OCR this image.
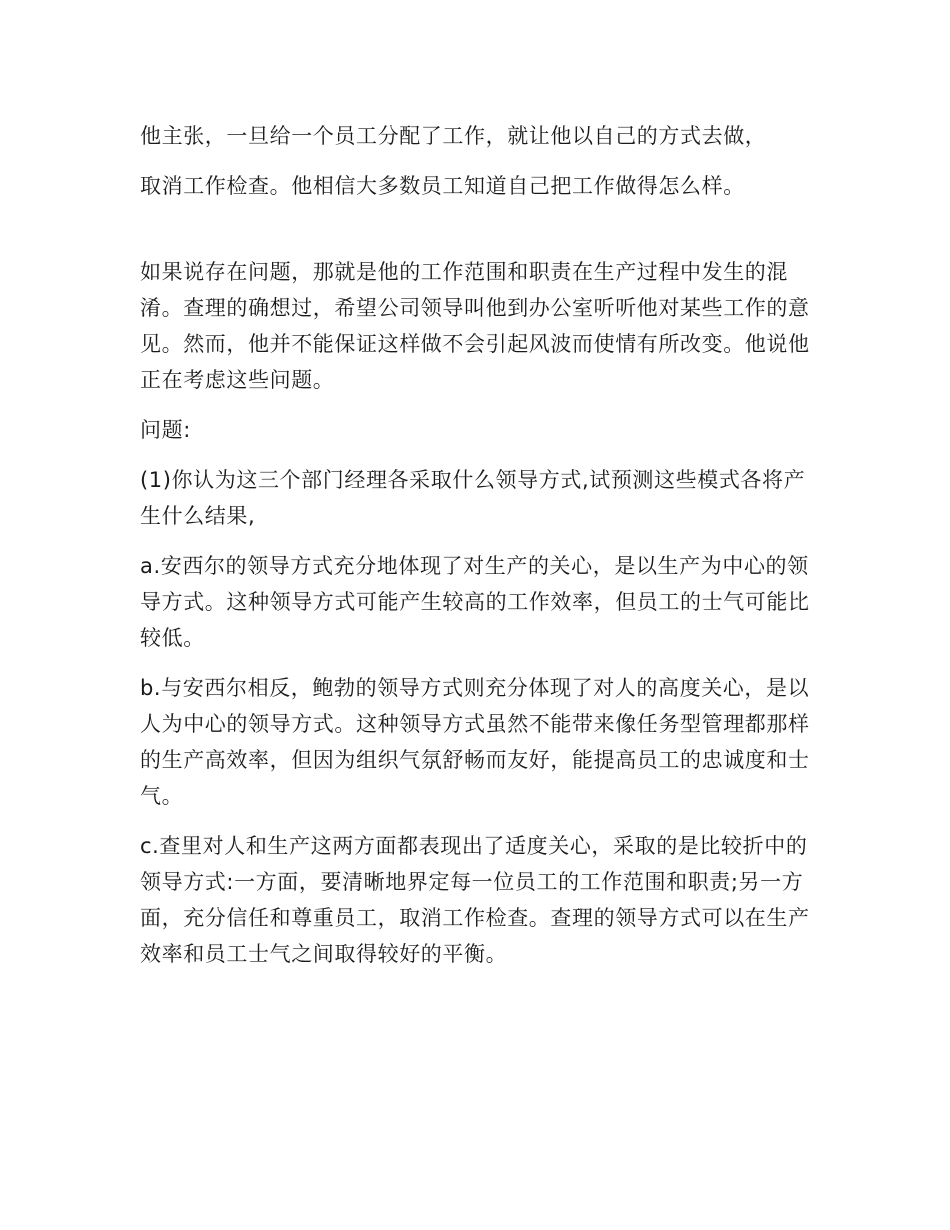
他主张，一旦给一个员工分配了工作，就让他以自己的方式去做，

取消工作检查。他相信大多数员工知道自己把工作做得怎么样。

如果说存在问题，那就是他的工作范围和职责在生产过程中发生的混淆。查理的确想过，希望公司领导叫他到办公室听听他对某些工作的意见。然而，他并不能保证这样做不会引起风波而使情有所改变。他说他正在考虑这些问题。

问题:

(1)你认为这三个部门经理各采取什么领导方式,试预测这些模式各将产生什么结果,

a.安西尔的领导方式充分地体现了对生产的关心，是以生产为中心的领导方式。这种领导方式可能产生较高的工作效率，但员工的士气可能比较低。

b.与安西尔相反，鲍勃的领导方式则充分体现了对人的高度关心，是以人为中心的领导方式。这种领导方式虽然不能带来像任务型管理都那样的生产高效率，但因为组织气氛舒畅而友好，能提高员工的忠诚度和士气。

c.查里对人和生产这两方面都表现出了适度关心，采取的是比较折中的领导方式:一方面，要清晰地界定每一位员工的工作范围和职责;另一方面，充分信任和尊重员工，取消工作检查。查理的领导方式可以在生产效率和员工士气之间取得较好的平衡。
